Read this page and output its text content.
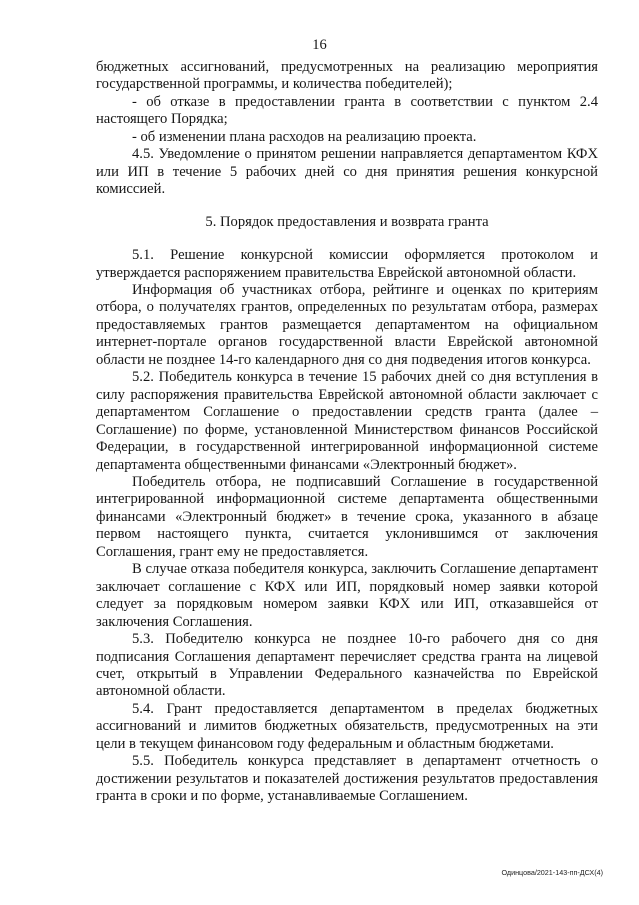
16

бюджетных ассигнований, предусмотренных на реализацию мероприятия государственной программы, и количества победителей);

- об отказе в предоставлении гранта в соответствии с пунктом 2.4 настоящего Порядка;

- об изменении плана расходов на реализацию проекта.

4.5. Уведомление о принятом решении направляется департаментом КФХ или ИП в течение 5 рабочих дней со дня принятия решения конкурсной комиссией.

5. Порядок предоставления и возврата гранта

5.1. Решение конкурсной комиссии оформляется протоколом и утверждается распоряжением правительства Еврейской автономной области.

Информация об участниках отбора, рейтинге и оценках по критериям отбора, о получателях грантов, определенных по результатам отбора, размерах предоставляемых грантов размещается департаментом на официальном интернет-портале органов государственной власти Еврейской автономной области не позднее 14-го календарного дня со дня подведения итогов конкурса.

5.2. Победитель конкурса в течение 15 рабочих дней со дня вступления в силу распоряжения правительства Еврейской автономной области заключает с департаментом Соглашение о предоставлении средств гранта (далее – Соглашение) по форме, установленной Министерством финансов Российской Федерации, в государственной интегрированной информационной системе департамента общественными финансами «Электронный бюджет».

Победитель отбора, не подписавший Соглашение в государственной интегрированной информационной системе департамента общественными финансами «Электронный бюджет» в течение срока, указанного в абзаце первом настоящего пункта, считается уклонившимся от заключения Соглашения, грант ему не предоставляется.

В случае отказа победителя конкурса, заключить Соглашение департамент заключает соглашение с КФХ или ИП, порядковый номер заявки которой следует за порядковым номером заявки КФХ или ИП, отказавшейся от заключения Соглашения.

5.3. Победителю конкурса не позднее 10-го рабочего дня со дня подписания Соглашения департамент перечисляет средства гранта на лицевой счет, открытый в Управлении Федерального казначейства по Еврейской автономной области.

5.4. Грант предоставляется департаментом в пределах бюджетных ассигнований и лимитов бюджетных обязательств, предусмотренных на эти цели в текущем финансовом году федеральным и областным бюджетами.

5.5. Победитель конкурса представляет в департамент отчетность о достижении результатов и показателей достижения результатов предоставления гранта в сроки и по форме, устанавливаемые Соглашением.

Одинцова/2021-143-пп-ДСХ(4)
